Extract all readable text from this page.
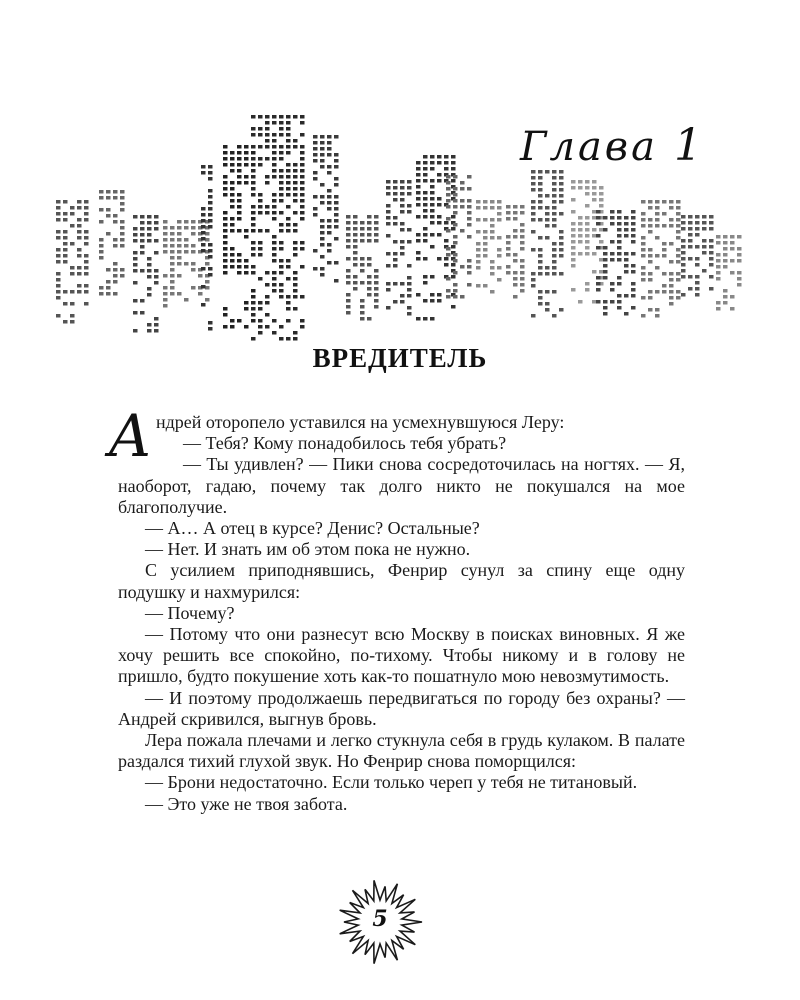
Глава 1
ВРЕДИТЕЛЬ

Андрей оторопело уставился на усмехнувшуюся Леру:

— Тебя? Кому понадобилось тебя убрать?

— Ты удивлен? — Пики снова сосредоточилась на ногтях. — Я, наоборот, гадаю, почему так долго никто не покушался на мое благополучие.

— А… А отец в курсе? Денис? Остальные?

— Нет. И знать им об этом пока не нужно.

С усилием приподнявшись, Фенрир сунул за спину еще одну подушку и нахмурился:

— Почему?

— Потому что они разнесут всю Москву в поисках виновных. Я же хочу решить все спокойно, по-тихому. Чтобы никому и в голову не пришло, будто покушение хоть как-то пошатнуло мою невозмутимость.

— И поэтому продолжаешь передвигаться по городу без охраны? — Андрей скривился, выгнув бровь.

Лера пожала плечами и легко стукнула себя в грудь кулаком. В палате раздался тихий глухой звук. Но Фенрир снова поморщился:

— Брони недостаточно. Если только череп у тебя не титановый.

— Это уже не твоя забота.

5
